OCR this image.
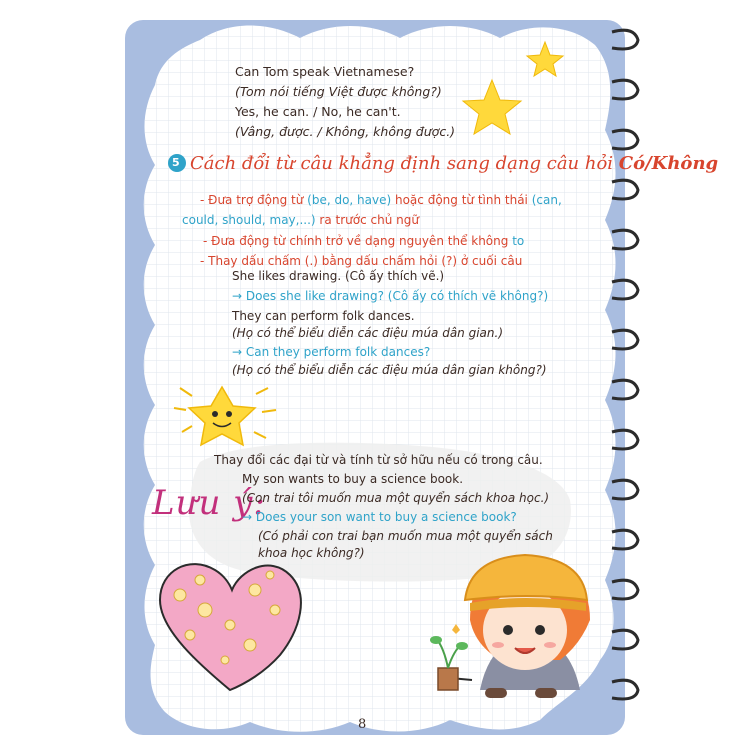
Can Tom speak Vietnamese?
(Tom nói tiếng Việt được không?)
Yes, he can. / No, he can't.
(Vâng, được. / Không, không được.)
5 Cách đổi từ câu khẳng định sang dạng câu hỏi Có/Không
- Đưa trợ động từ (be, do, have) hoặc động từ tình thái (can,
could, should, may,...) ra trước chủ ngữ
- Đưa động từ chính trở về dạng nguyên thể không to
- Thay dấu chấm (.) bằng dấu chấm hỏi (?) ở cuối câu
She likes drawing. (Cô ấy thích vẽ.)
→ Does she like drawing? (Cô ấy có thích vẽ không?)
They can perform folk dances.
(Họ có thể biểu diễn các điệu múa dân gian.)
→ Can they perform folk dances?
(Họ có thể biểu diễn các điệu múa dân gian không?)
Lưu ý:
Thay đổi các đại từ và tính từ sở hữu nếu có trong câu.
My son wants to buy a science book.
(Con trai tôi muốn mua một quyển sách khoa học.)
→ Does your son want to buy a science book?
(Có phải con trai bạn muốn mua một quyển sách
khoa học không?)
8
